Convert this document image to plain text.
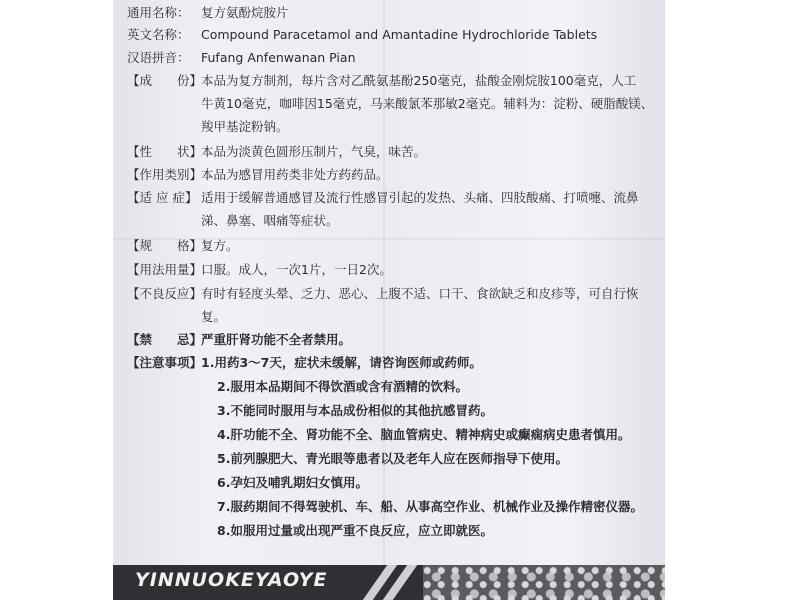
通用名称： 复方氨酚烷胺片
英文名称： Compound Paracetamol and Amantadine Hydrochloride Tablets
汉语拼音： Fufang Anfenwanan Pian
【成　　份】本品为复方制剂，每片含对乙酰氨基酚250毫克，盐酸金刚烷胺100毫克，人工
牛黄10毫克，咖啡因15毫克，马来酸氯苯那敏2毫克。辅料为：淀粉、硬脂酸镁、
羧甲基淀粉钠。
【性　　状】本品为淡黄色圆形压制片，气臭，味苦。
【作用类别】本品为感冒用药类非处方药药品。
【适 应 症】 适用于缓解普通感冒及流行性感冒引起的发热、头痛、四肢酸痛、打喷嚏、流鼻
涕、鼻塞、咽痛等症状。
【规　　格】复方。
【用法用量】口服。成人，一次1片，一日2次。
【不良反应】有时有轻度头晕、乏力、恶心、上腹不适、口干、食欲缺乏和皮疹等，可自行恢
复。
【禁　　忌】严重肝肾功能不全者禁用。
【注意事项】1.用药3～7天，症状未缓解，请咨询医师或药师。
2.服用本品期间不得饮酒或含有酒精的饮料。
3.不能同时服用与本品成份相似的其他抗感冒药。
4.肝功能不全、肾功能不全、脑血管病史、精神病史或癫痫病史患者慎用。
5.前列腺肥大、青光眼等患者以及老年人应在医师指导下使用。
6.孕妇及哺乳期妇女慎用。
7.服药期间不得驾驶机、车、船、从事高空作业、机械作业及操作精密仪器。
8.如服用过量或出现严重不良反应，应立即就医。
YINNUOKEYAOYE
